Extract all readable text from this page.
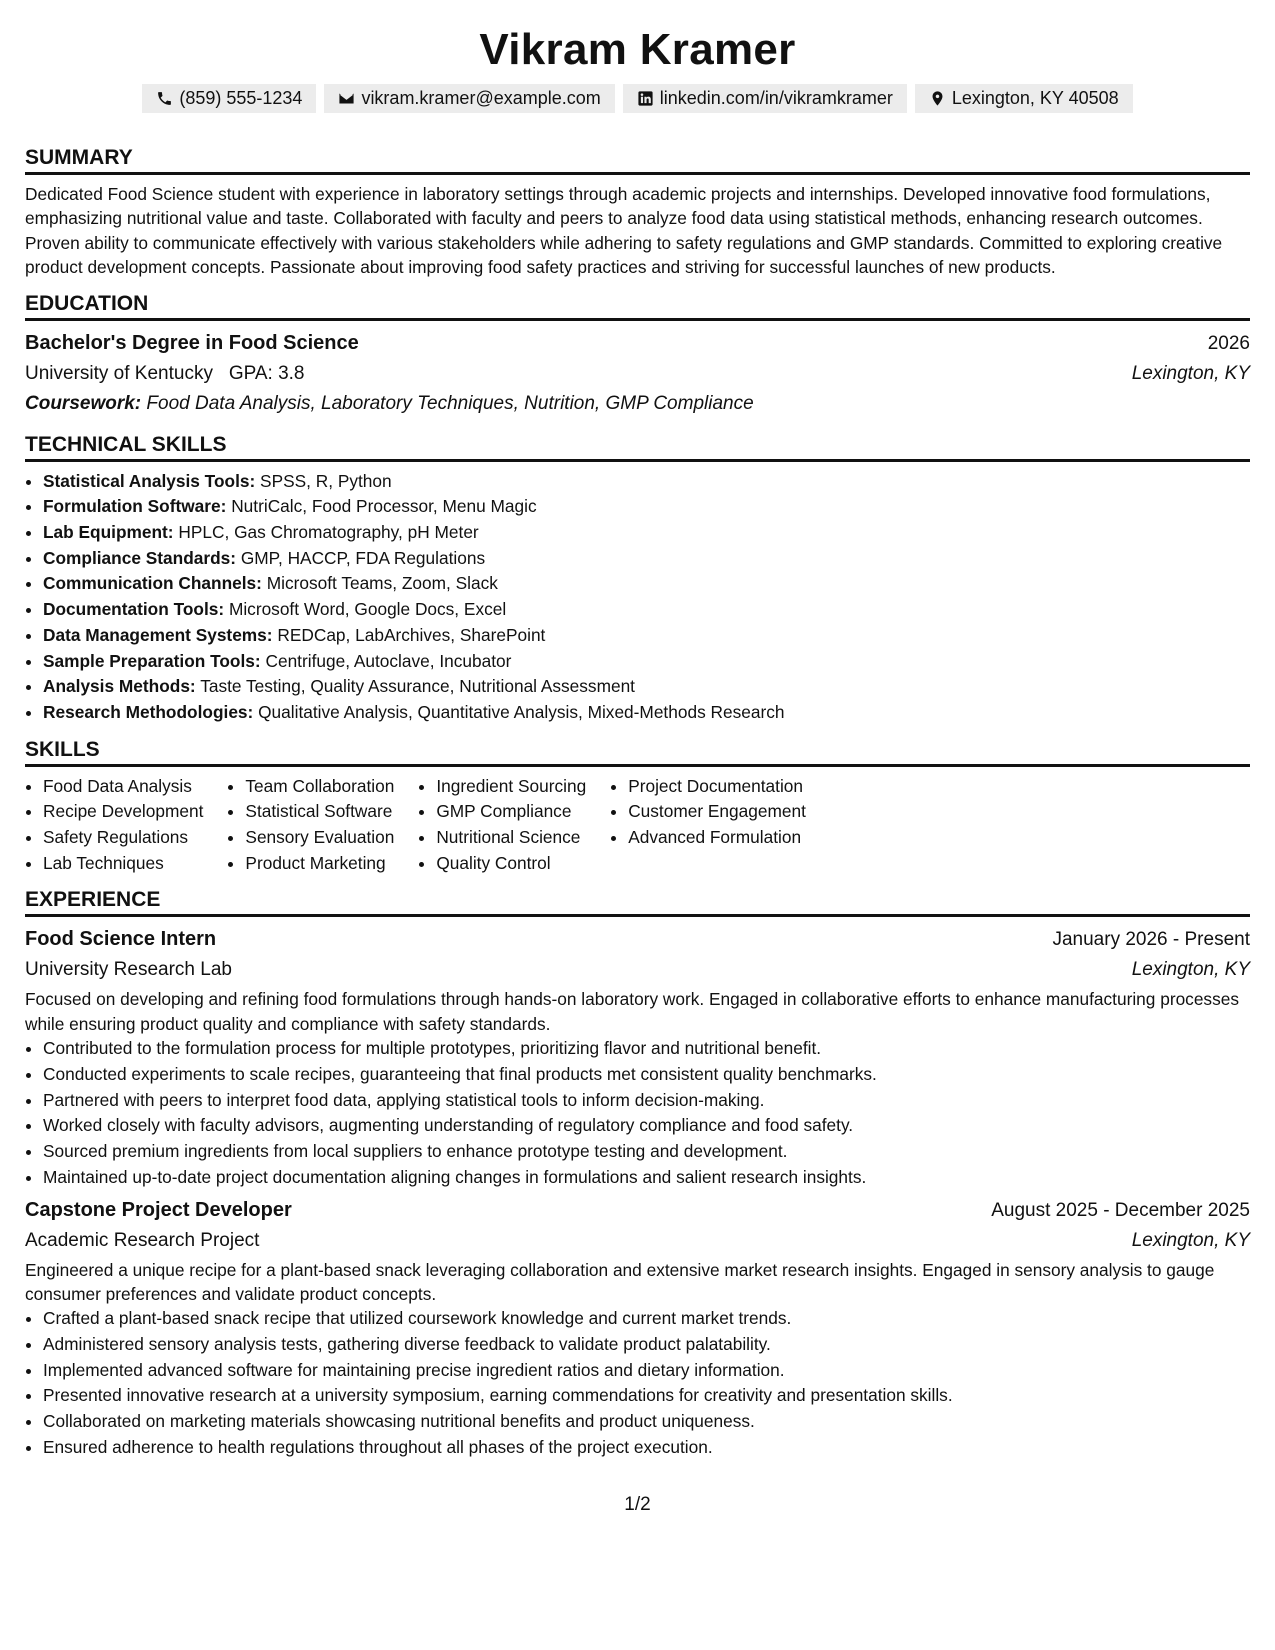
Vikram Kramer
(859) 555-1234	vikram.kramer@example.com	linkedin.com/in/vikramkramer	Lexington, KY 40508
SUMMARY

Dedicated Food Science student with experience in laboratory settings through academic projects and internships. Developed innovative food formulations, emphasizing nutritional value and taste. Collaborated with faculty and peers to analyze food data using statistical methods, enhancing research outcomes. Proven ability to communicate effectively with various stakeholders while adhering to safety regulations and GMP standards. Committed to exploring creative product development concepts. Passionate about improving food safety practices and striving for successful launches of new products.

EDUCATION
Bachelor's Degree in Food Science	2026
University of Kentucky GPA: 3.8	Lexington, KY
Coursework: Food Data Analysis, Laboratory Techniques, Nutrition, GMP Compliance
TECHNICAL SKILLS
• Statistical Analysis Tools: SPSS, R, Python
• Formulation Software: NutriCalc, Food Processor, Menu Magic
• Lab Equipment: HPLC, Gas Chromatography, pH Meter
• Compliance Standards: GMP, HACCP, FDA Regulations
• Communication Channels: Microsoft Teams, Zoom, Slack
• Documentation Tools: Microsoft Word, Google Docs, Excel
• Data Management Systems: REDCap, LabArchives, SharePoint
• Sample Preparation Tools: Centrifuge, Autoclave, Incubator
• Analysis Methods: Taste Testing, Quality Assurance, Nutritional Assessment
• Research Methodologies: Qualitative Analysis, Quantitative Analysis, Mixed-Methods Research
SKILLS
• Food Data Analysis
• Recipe Development
• Safety Regulations
• Lab Techniques
• Team Collaboration
• Statistical Software
• Sensory Evaluation
• Product Marketing
• Ingredient Sourcing
• GMP Compliance
• Nutritional Science
• Quality Control
• Project Documentation
• Customer Engagement
• Advanced Formulation
EXPERIENCE
Food Science Intern	January 2026 - Present
University Research Lab	Lexington, KY

Focused on developing and refining food formulations through hands-on laboratory work. Engaged in collaborative efforts to enhance manufacturing processes while ensuring product quality and compliance with safety standards.

• Contributed to the formulation process for multiple prototypes, prioritizing flavor and nutritional benefit.
• Conducted experiments to scale recipes, guaranteeing that final products met consistent quality benchmarks.
• Partnered with peers to interpret food data, applying statistical tools to inform decision-making.
• Worked closely with faculty advisors, augmenting understanding of regulatory compliance and food safety.
• Sourced premium ingredients from local suppliers to enhance prototype testing and development.
• Maintained up-to-date project documentation aligning changes in formulations and salient research insights.
Capstone Project Developer	August 2025 - December 2025
Academic Research Project	Lexington, KY

Engineered a unique recipe for a plant-based snack leveraging collaboration and extensive market research insights. Engaged in sensory analysis to gauge consumer preferences and validate product concepts.

• Crafted a plant-based snack recipe that utilized coursework knowledge and current market trends.
• Administered sensory analysis tests, gathering diverse feedback to validate product palatability.
• Implemented advanced software for maintaining precise ingredient ratios and dietary information.
• Presented innovative research at a university symposium, earning commendations for creativity and presentation skills.
• Collaborated on marketing materials showcasing nutritional benefits and product uniqueness.
• Ensured adherence to health regulations throughout all phases of the project execution.
1/2
